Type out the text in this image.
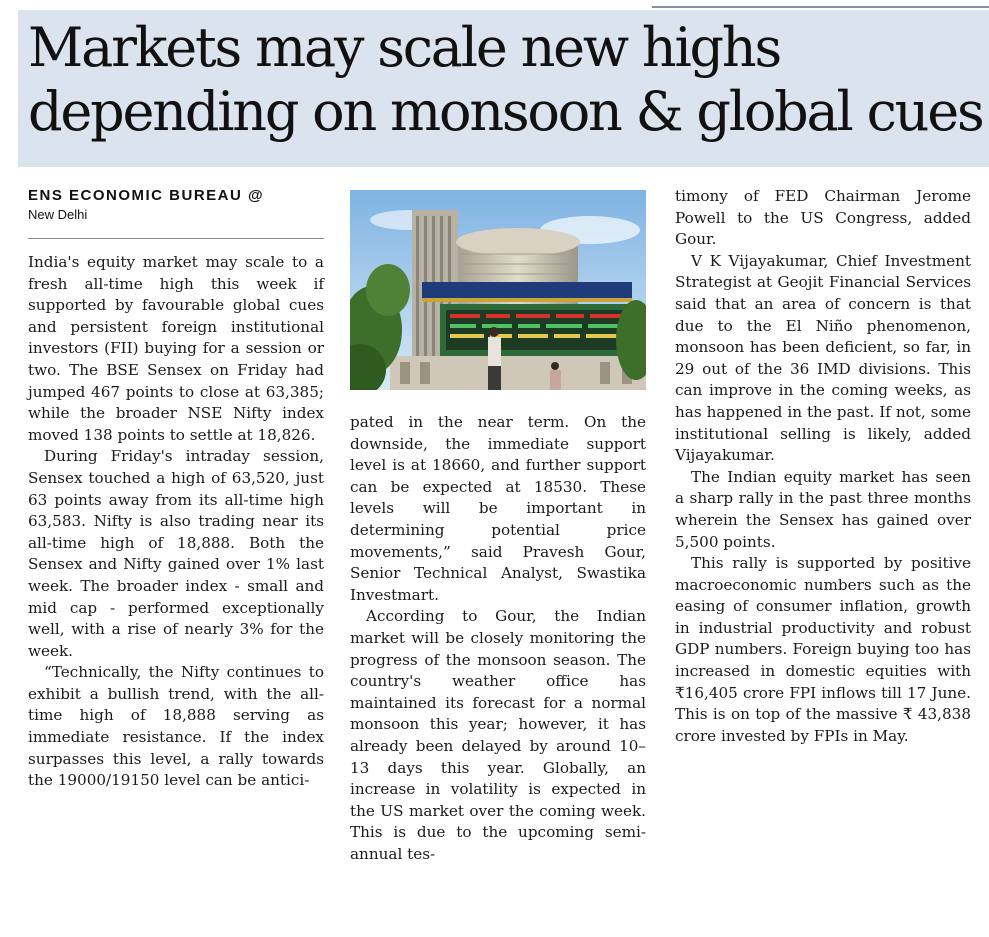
Markets may scale new highs
depending on monsoon & global cues
ENS ECONOMIC BUREAU @
New Delhi

India's equity market may scale to a fresh all-time high this week if supported by favourable global cues and persistent foreign institutional investors (FII) buying for a session or two. The BSE Sensex on Friday had jumped 467 points to close at 63,385; while the broader NSE Nifty index moved 138 points to settle at 18,826.

During Friday's intraday session, Sensex touched a high of 63,520, just 63 points away from its all-time high 63,583. Nifty is also trading near its all-time high of 18,888. Both the Sensex and Nifty gained over 1% last week. The broader index - small and mid cap - performed exceptionally well, with a rise of nearly 3% for the week.

“Technically, the Nifty continues to exhibit a bullish trend, with the all-time high of 18,888 serving as immediate resistance. If the index surpasses this level, a rally towards the 19000/19150 level can be antici-

pated in the near term. On the downside, the immediate support level is at 18660, and further support can be expected at 18530. These levels will be important in determining potential price movements,” said Pravesh Gour, Senior Technical Analyst, Swastika Investmart.

According to Gour, the Indian market will be closely monitoring the progress of the monsoon season. The country's weather office has maintained its forecast for a normal monsoon this year; however, it has already been delayed by around 10–13 days this year. Globally, an increase in volatility is expected in the US market over the coming week. This is due to the upcoming semi-annual tes-

timony of FED Chairman Jerome Powell to the US Congress, added Gour.

V K Vijayakumar, Chief Investment Strategist at Geojit Financial Services said that an area of concern is that due to the El Niño phenomenon, monsoon has been deficient, so far, in 29 out of the 36 IMD divisions. This can improve in the coming weeks, as has happened in the past. If not, some institutional selling is likely, added Vijayakumar.

The Indian equity market has seen a sharp rally in the past three months wherein the Sensex has gained over 5,500 points.

This rally is supported by positive macroeconomic numbers such as the easing of consumer inflation, growth in industrial productivity and robust GDP numbers. Foreign buying too has increased in domestic equities with ₹16,405 crore FPI inflows till 17 June. This is on top of the massive ₹ 43,838 crore invested by FPIs in May.
